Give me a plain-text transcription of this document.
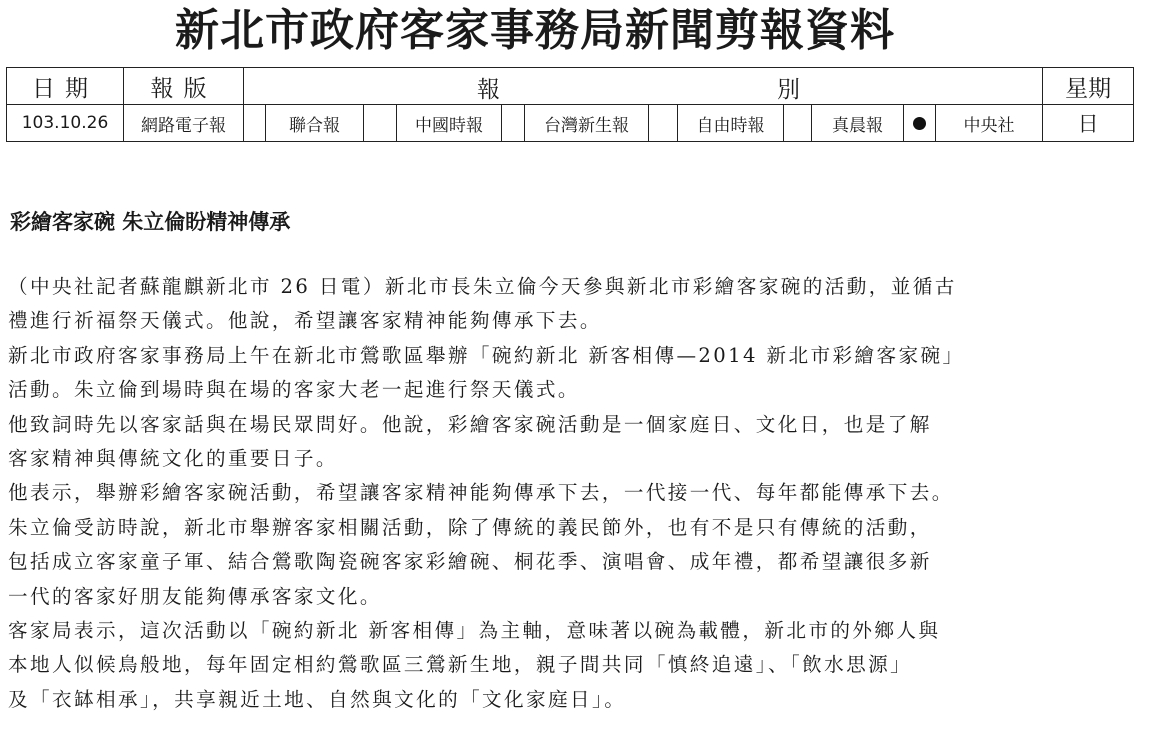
新北市政府客家事務局新聞剪報資料
日期	報版	報 別												星期
103.10.26	網路電子報		聯合報		中國時報		台灣新生報		自由時報		真晨報		中央社	日
彩繪客家碗 朱立倫盼精神傳承
（中央社記者蘇龍麒新北市 26 日電）新北市長朱立倫今天參與新北市彩繪客家碗的活動，並循古
禮進行祈福祭天儀式。他說，希望讓客家精神能夠傳承下去。
新北市政府客家事務局上午在新北市鶯歌區舉辦「碗約新北 新客相傳—2014 新北市彩繪客家碗」
活動。朱立倫到場時與在場的客家大老一起進行祭天儀式。
他致詞時先以客家話與在場民眾問好。他說，彩繪客家碗活動是一個家庭日、文化日，也是了解
客家精神與傳統文化的重要日子。
他表示，舉辦彩繪客家碗活動，希望讓客家精神能夠傳承下去，一代接一代、每年都能傳承下去。
朱立倫受訪時說，新北市舉辦客家相關活動，除了傳統的義民節外，也有不是只有傳統的活動，
包括成立客家童子軍、結合鶯歌陶瓷碗客家彩繪碗、桐花季、演唱會、成年禮，都希望讓很多新
一代的客家好朋友能夠傳承客家文化。
客家局表示，這次活動以「碗約新北 新客相傳」為主軸，意味著以碗為載體，新北市的外鄉人與
本地人似候鳥般地，每年固定相約鶯歌區三鶯新生地，親子間共同「慎終追遠」、「飲水思源」
及「衣缽相承」，共享親近土地、自然與文化的「文化家庭日」。
